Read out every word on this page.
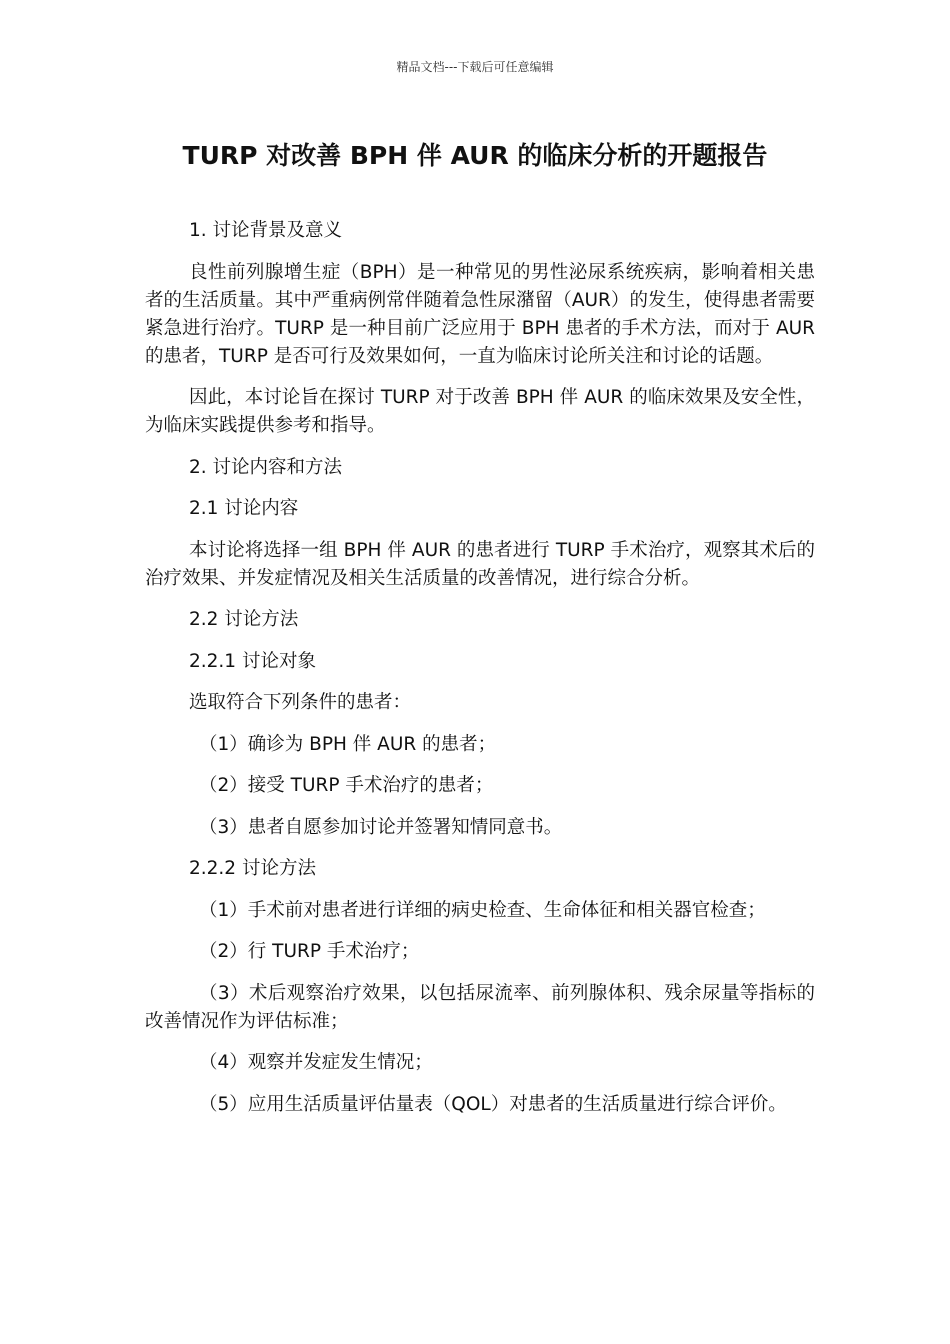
精品文档---下载后可任意编辑
TURP 对改善 BPH 伴 AUR 的临床分析的开题报告

1. 讨论背景及意义

良性前列腺增生症（BPH）是一种常见的男性泌尿系统疾病，影响着相关患者的生活质量。其中严重病例常伴随着急性尿潴留（AUR）的发生，使得患者需要紧急进行治疗。TURP 是一种目前广泛应用于 BPH 患者的手术方法，而对于 AUR 的患者，TURP 是否可行及效果如何，一直为临床讨论所关注和讨论的话题。

因此，本讨论旨在探讨 TURP 对于改善 BPH 伴 AUR 的临床效果及安全性，为临床实践提供参考和指导。

2. 讨论内容和方法

2.1 讨论内容

本讨论将选择一组 BPH 伴 AUR 的患者进行 TURP 手术治疗，观察其术后的治疗效果、并发症情况及相关生活质量的改善情况，进行综合分析。

2.2 讨论方法

2.2.1 讨论对象

选取符合下列条件的患者：

（1）确诊为 BPH 伴 AUR 的患者；

（2）接受 TURP 手术治疗的患者；

（3）患者自愿参加讨论并签署知情同意书。

2.2.2 讨论方法

（1）手术前对患者进行详细的病史检查、生命体征和相关器官检查；

（2）行 TURP 手术治疗；

（3）术后观察治疗效果，以包括尿流率、前列腺体积、残余尿量等指标的改善情况作为评估标准；

（4）观察并发症发生情况；

（5）应用生活质量评估量表（QOL）对患者的生活质量进行综合评价。
